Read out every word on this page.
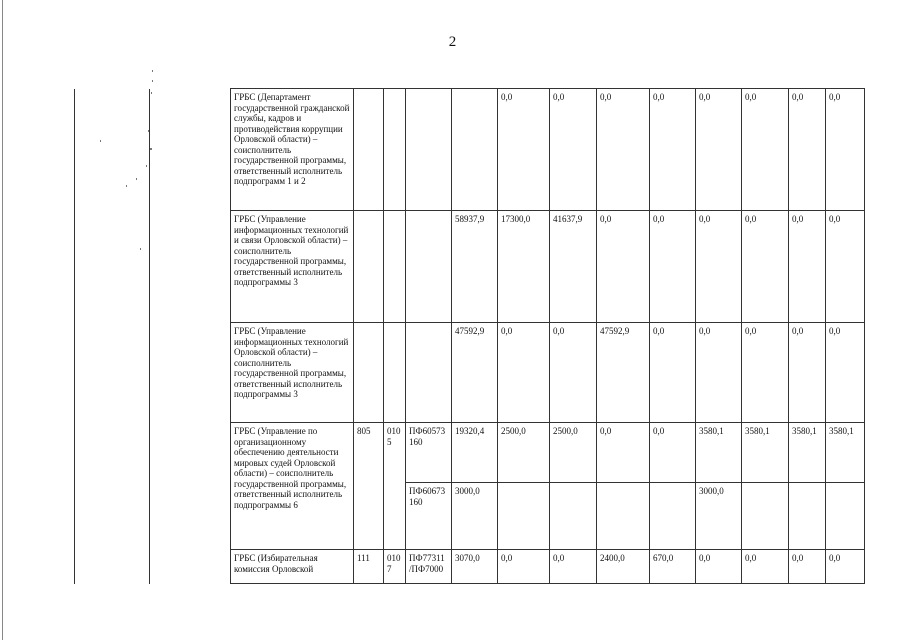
2
		ГРБС (Департамент государственной гражданской службы, кадров и противодействия коррупции Орловской области) – соисполнитель государственной программы, ответственный исполнитель подпрограмм 1 и 2					0,0	0,0	0,0	0,0	0,0	0,0	0,0	0,0
		ГРБС (Управление информационных технологий и связи Орловской области) – соисполнитель государственной программы, ответственный исполнитель подпрограммы 3				58937,9	17300,0	41637,9	0,0	0,0	0,0	0,0	0,0	0,0
		ГРБС (Управление информационных технологий Орловской области) – соисполнитель государственной программы, ответственный исполнитель подпрограммы 3				47592,9	0,0	0,0	47592,9	0,0	0,0	0,0	0,0	0,0
		ГРБС (Управление по организационному обеспечению деятельности мировых судей Орловской области) – соисполнитель государственной программы, ответственный исполнитель подпрограммы 6	805	010 5	ПФ60573 160	19320,4	2500,0	2500,0	0,0	0,0	3580,1	3580,1	3580,1	3580,1
					ПФ60673 160	3000,0					3000,0			
		ГРБС (Избирательная комиссия Орловской	111	010 7	ПФ77311 /ПФ7000	3070,0	0,0	0,0	2400,0	670,0	0,0	0,0	0,0	0,0
